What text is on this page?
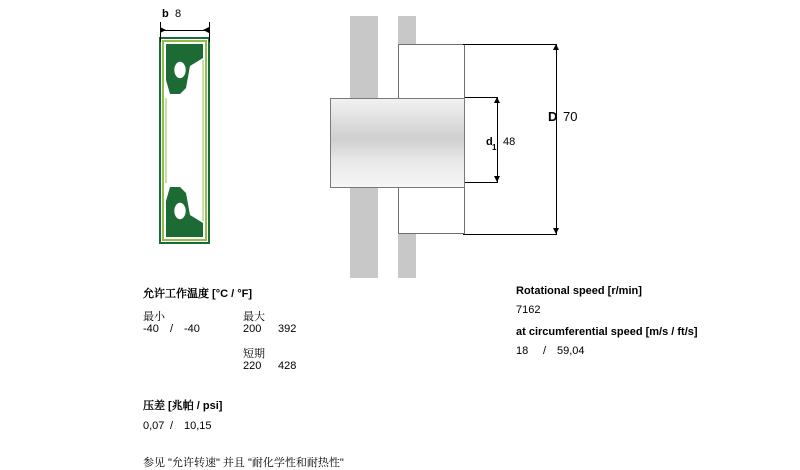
b 8
D 70
d 1 48
允许工作温度 [°C / °F]
最小	最大
-40 / -40	200 392
短期
220 428
压差 [兆帕 / psi]
0,07 / 10,15
参见 "允许转速" 并且 "耐化学性和耐热性"
Rotational speed [r/min]
7162
at circumferential speed [m/s / ft/s]
18 / 59,04
